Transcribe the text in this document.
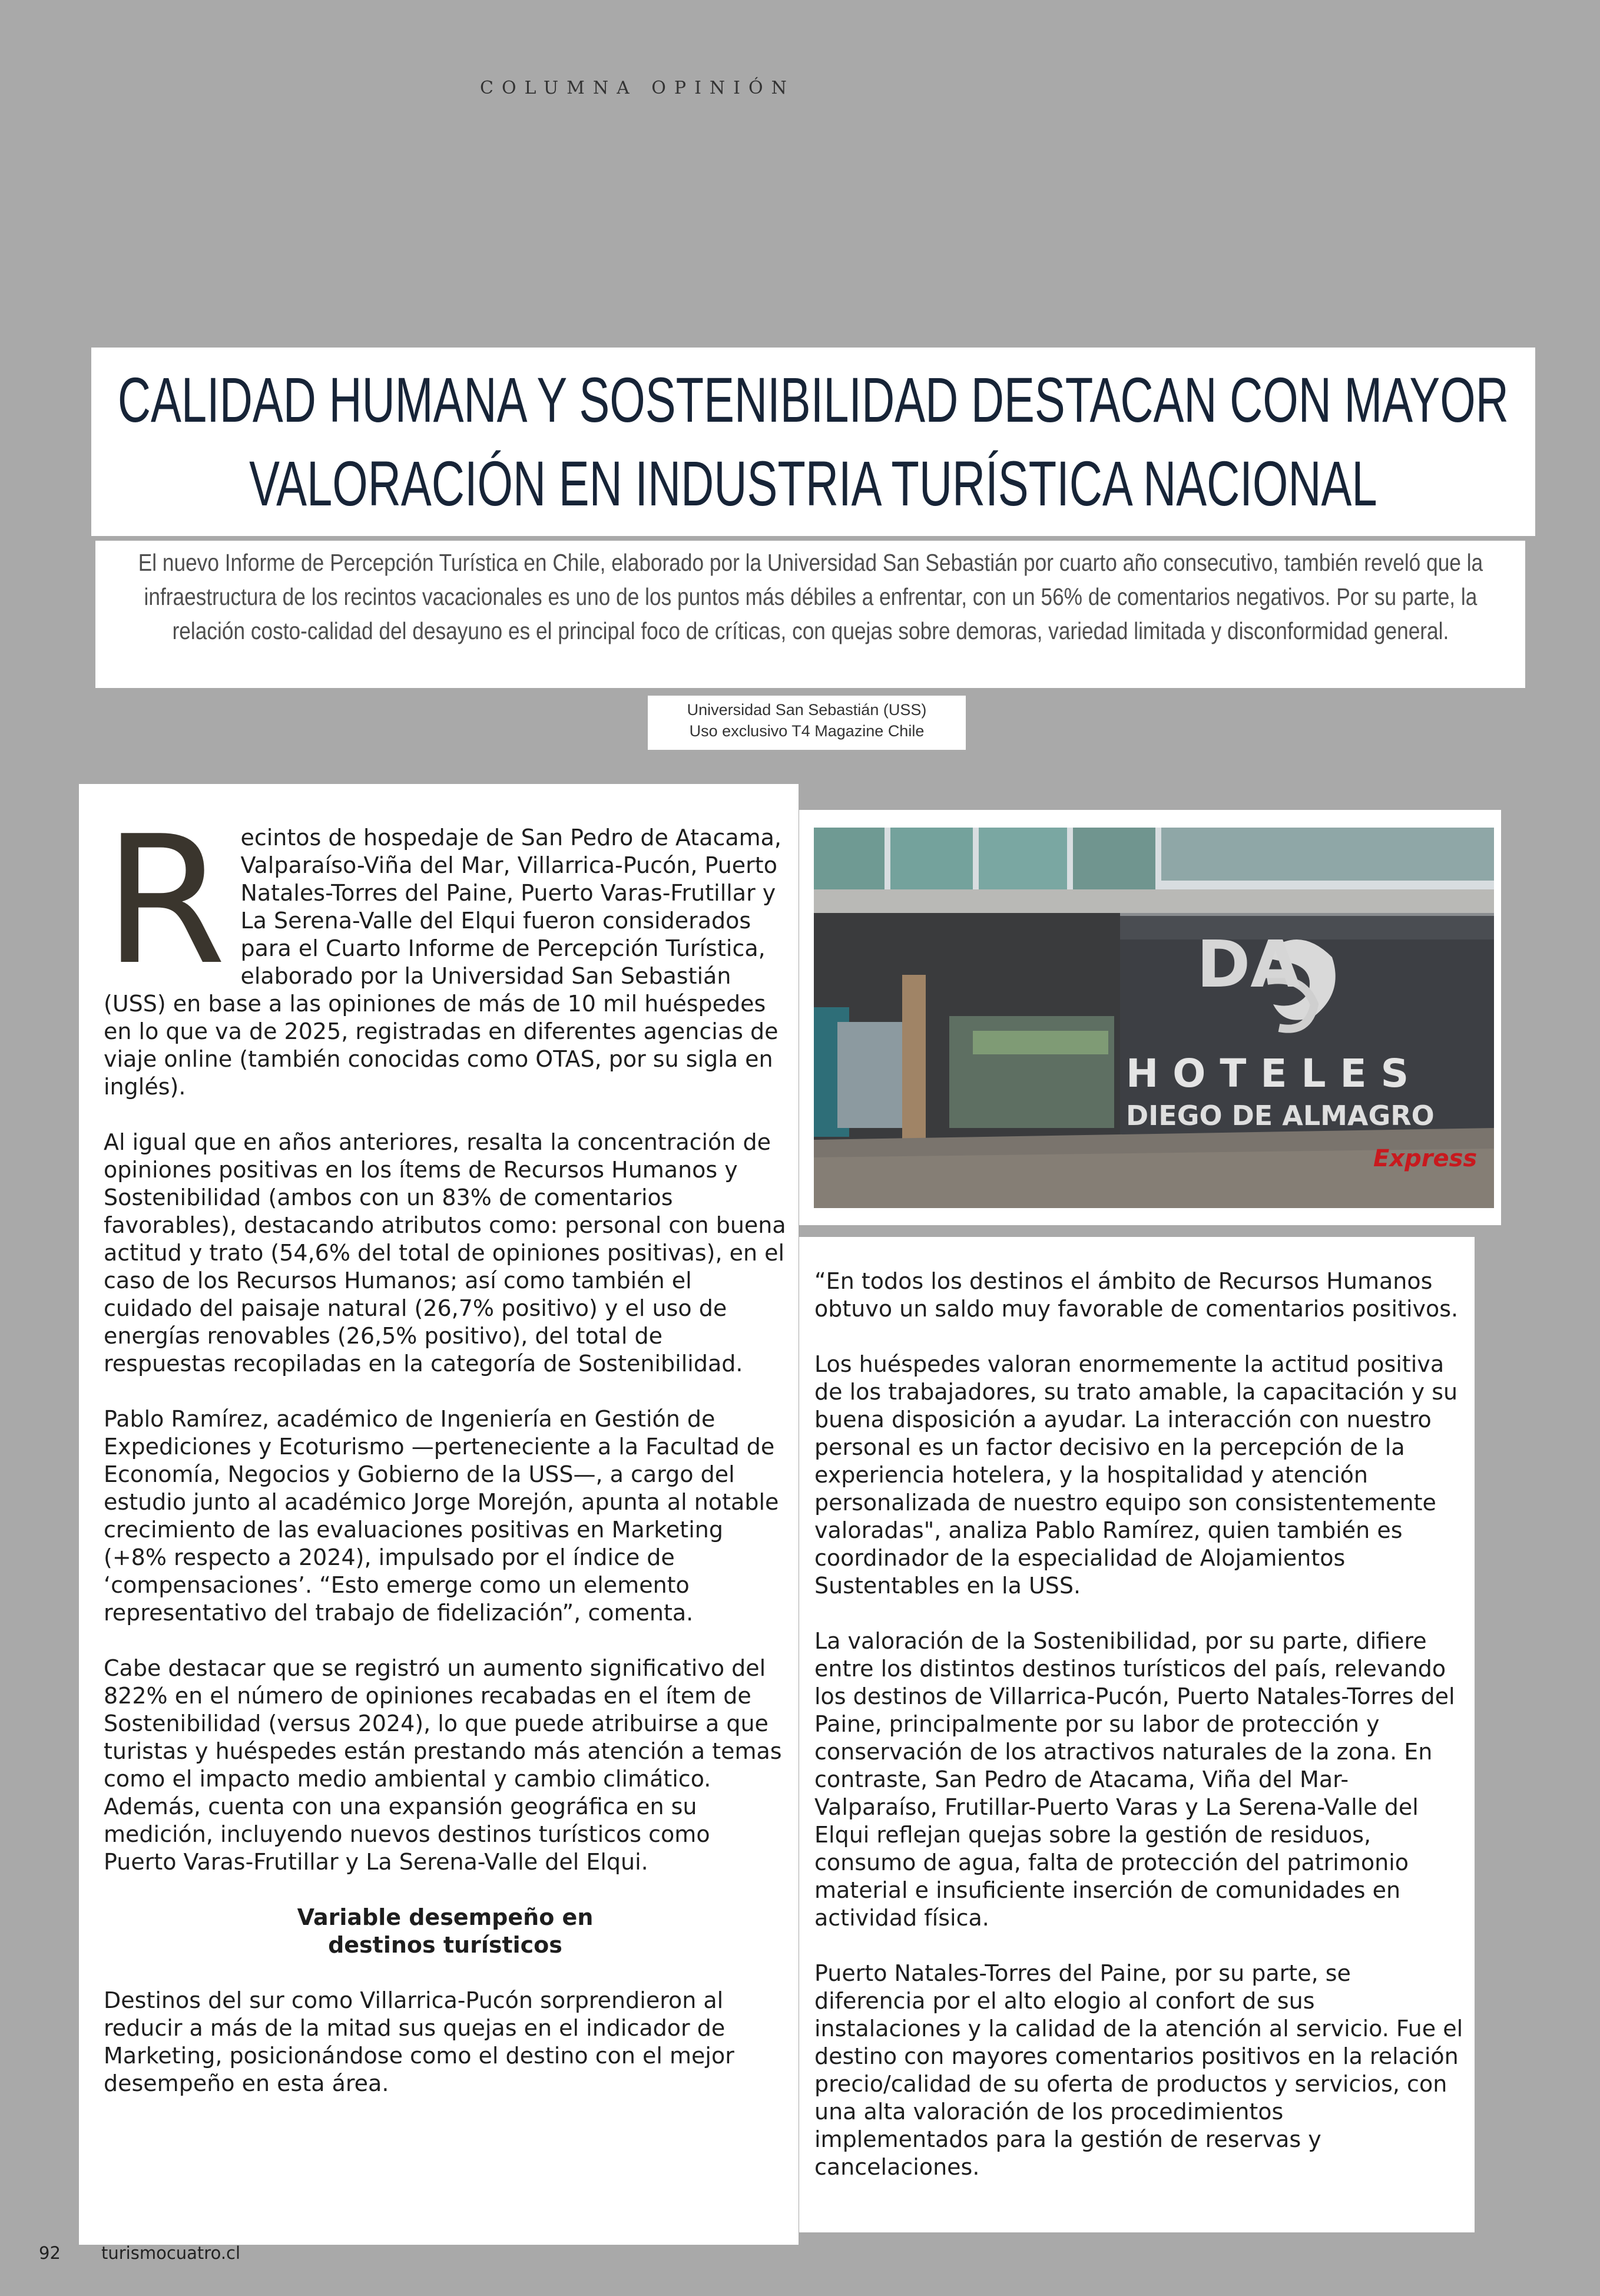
COLUMNA OPINIÓN
CALIDAD HUMANA Y SOSTENIBILIDAD DESTACAN CON MAYOR
VALORACIÓN EN INDUSTRIA TURÍSTICA NACIONAL

El nuevo Informe de Percepción Turística en Chile, elaborado por la Universidad San Sebastián por cuarto año consecutivo, también reveló que la infraestructura de los recintos vacacionales es uno de los puntos más débiles a enfrentar, con un 56% de comentarios negativos. Por su parte, la relación costo-calidad del desayuno es el principal foco de críticas, con quejas sobre demoras, variedad limitada y disconformidad general.

Universidad San Sebastián (USS)
Uso exclusivo T4 Magazine Chile
R ecintos de hospedaje de San Pedro de Atacama, Valparaíso-Viña del Mar, Villarrica-Pucón, Puerto Natales-Torres del Paine, Puerto Varas-Frutillar y La Serena-Valle del Elqui fueron considerados para el Cuarto Informe de Percepción Turística, elaborado por la Universidad San Sebastián (USS) en base a las opiniones de más de 10 mil huéspedes en lo que va de 2025, registradas en diferentes agencias de viaje online (también conocidas como OTAS, por su sigla en inglés).

Al igual que en años anteriores, resalta la concentración de opiniones positivas en los ítems de Recursos Humanos y Sostenibilidad (ambos con un 83% de comentarios favorables), destacando atributos como: personal con buena actitud y trato (54,6% del total de opiniones positivas), en el caso de los Recursos Humanos; así como también el cuidado del paisaje natural (26,7% positivo) y el uso de energías renovables (26,5% positivo), del total de respuestas recopiladas en la categoría de Sostenibilidad.

Pablo Ramírez, académico de Ingeniería en Gestión de Expediciones y Ecoturismo —perteneciente a la Facultad de Economía, Negocios y Gobierno de la USS—, a cargo del estudio junto al académico Jorge Morejón, apunta al notable crecimiento de las evaluaciones positivas en Marketing (+8% respecto a 2024), impulsado por el índice de ‘compensaciones’. “Esto emerge como un elemento representativo del trabajo de fidelización”, comenta.

Cabe destacar que se registró un aumento significativo del 822% en el número de opiniones recabadas en el ítem de Sostenibilidad (versus 2024), lo que puede atribuirse a que turistas y huéspedes están prestando más atención a temas como el impacto medio ambiental y cambio climático. Además, cuenta con una expansión geográfica en su medición, incluyendo nuevos destinos turísticos como Puerto Varas-Frutillar y La Serena-Valle del Elqui.

Variable desempeño en
destinos turísticos

Destinos del sur como Villarrica-Pucón sorprendieron al reducir a más de la mitad sus quejas en el indicador de Marketing, posicionándose como el destino con el mejor desempeño en esta área.

DA
HOTELES
DIEGO DE ALMAGRO
Express

“En todos los destinos el ámbito de Recursos Humanos obtuvo un saldo muy favorable de comentarios positivos.

Los huéspedes valoran enormemente la actitud positiva de los trabajadores, su trato amable, la capacitación y su buena disposición a ayudar. La interacción con nuestro personal es un factor decisivo en la percepción de la experiencia hotelera, y la hospitalidad y atención personalizada de nuestro equipo son consistentemente valoradas", analiza Pablo Ramírez, quien también es coordinador de la especialidad de Alojamientos Sustentables en la USS.

La valoración de la Sostenibilidad, por su parte, difiere entre los distintos destinos turísticos del país, relevando los destinos de Villarrica-Pucón, Puerto Natales-Torres del Paine, principalmente por su labor de protección y conservación de los atractivos naturales de la zona. En contraste, San Pedro de Atacama, Viña del Mar-Valparaíso, Frutillar-Puerto Varas y La Serena-Valle del Elqui reflejan quejas sobre la gestión de residuos, consumo de agua, falta de protección del patrimonio material e insuficiente inserción de comunidades en actividad física.

Puerto Natales-Torres del Paine, por su parte, se diferencia por el alto elogio al confort de sus instalaciones y la calidad de la atención al servicio. Fue el destino con mayores comentarios positivos en la relación precio/calidad de su oferta de productos y servicios, con una alta valoración de los procedimientos implementados para la gestión de reservas y cancelaciones.

92 turismocuatro.cl
